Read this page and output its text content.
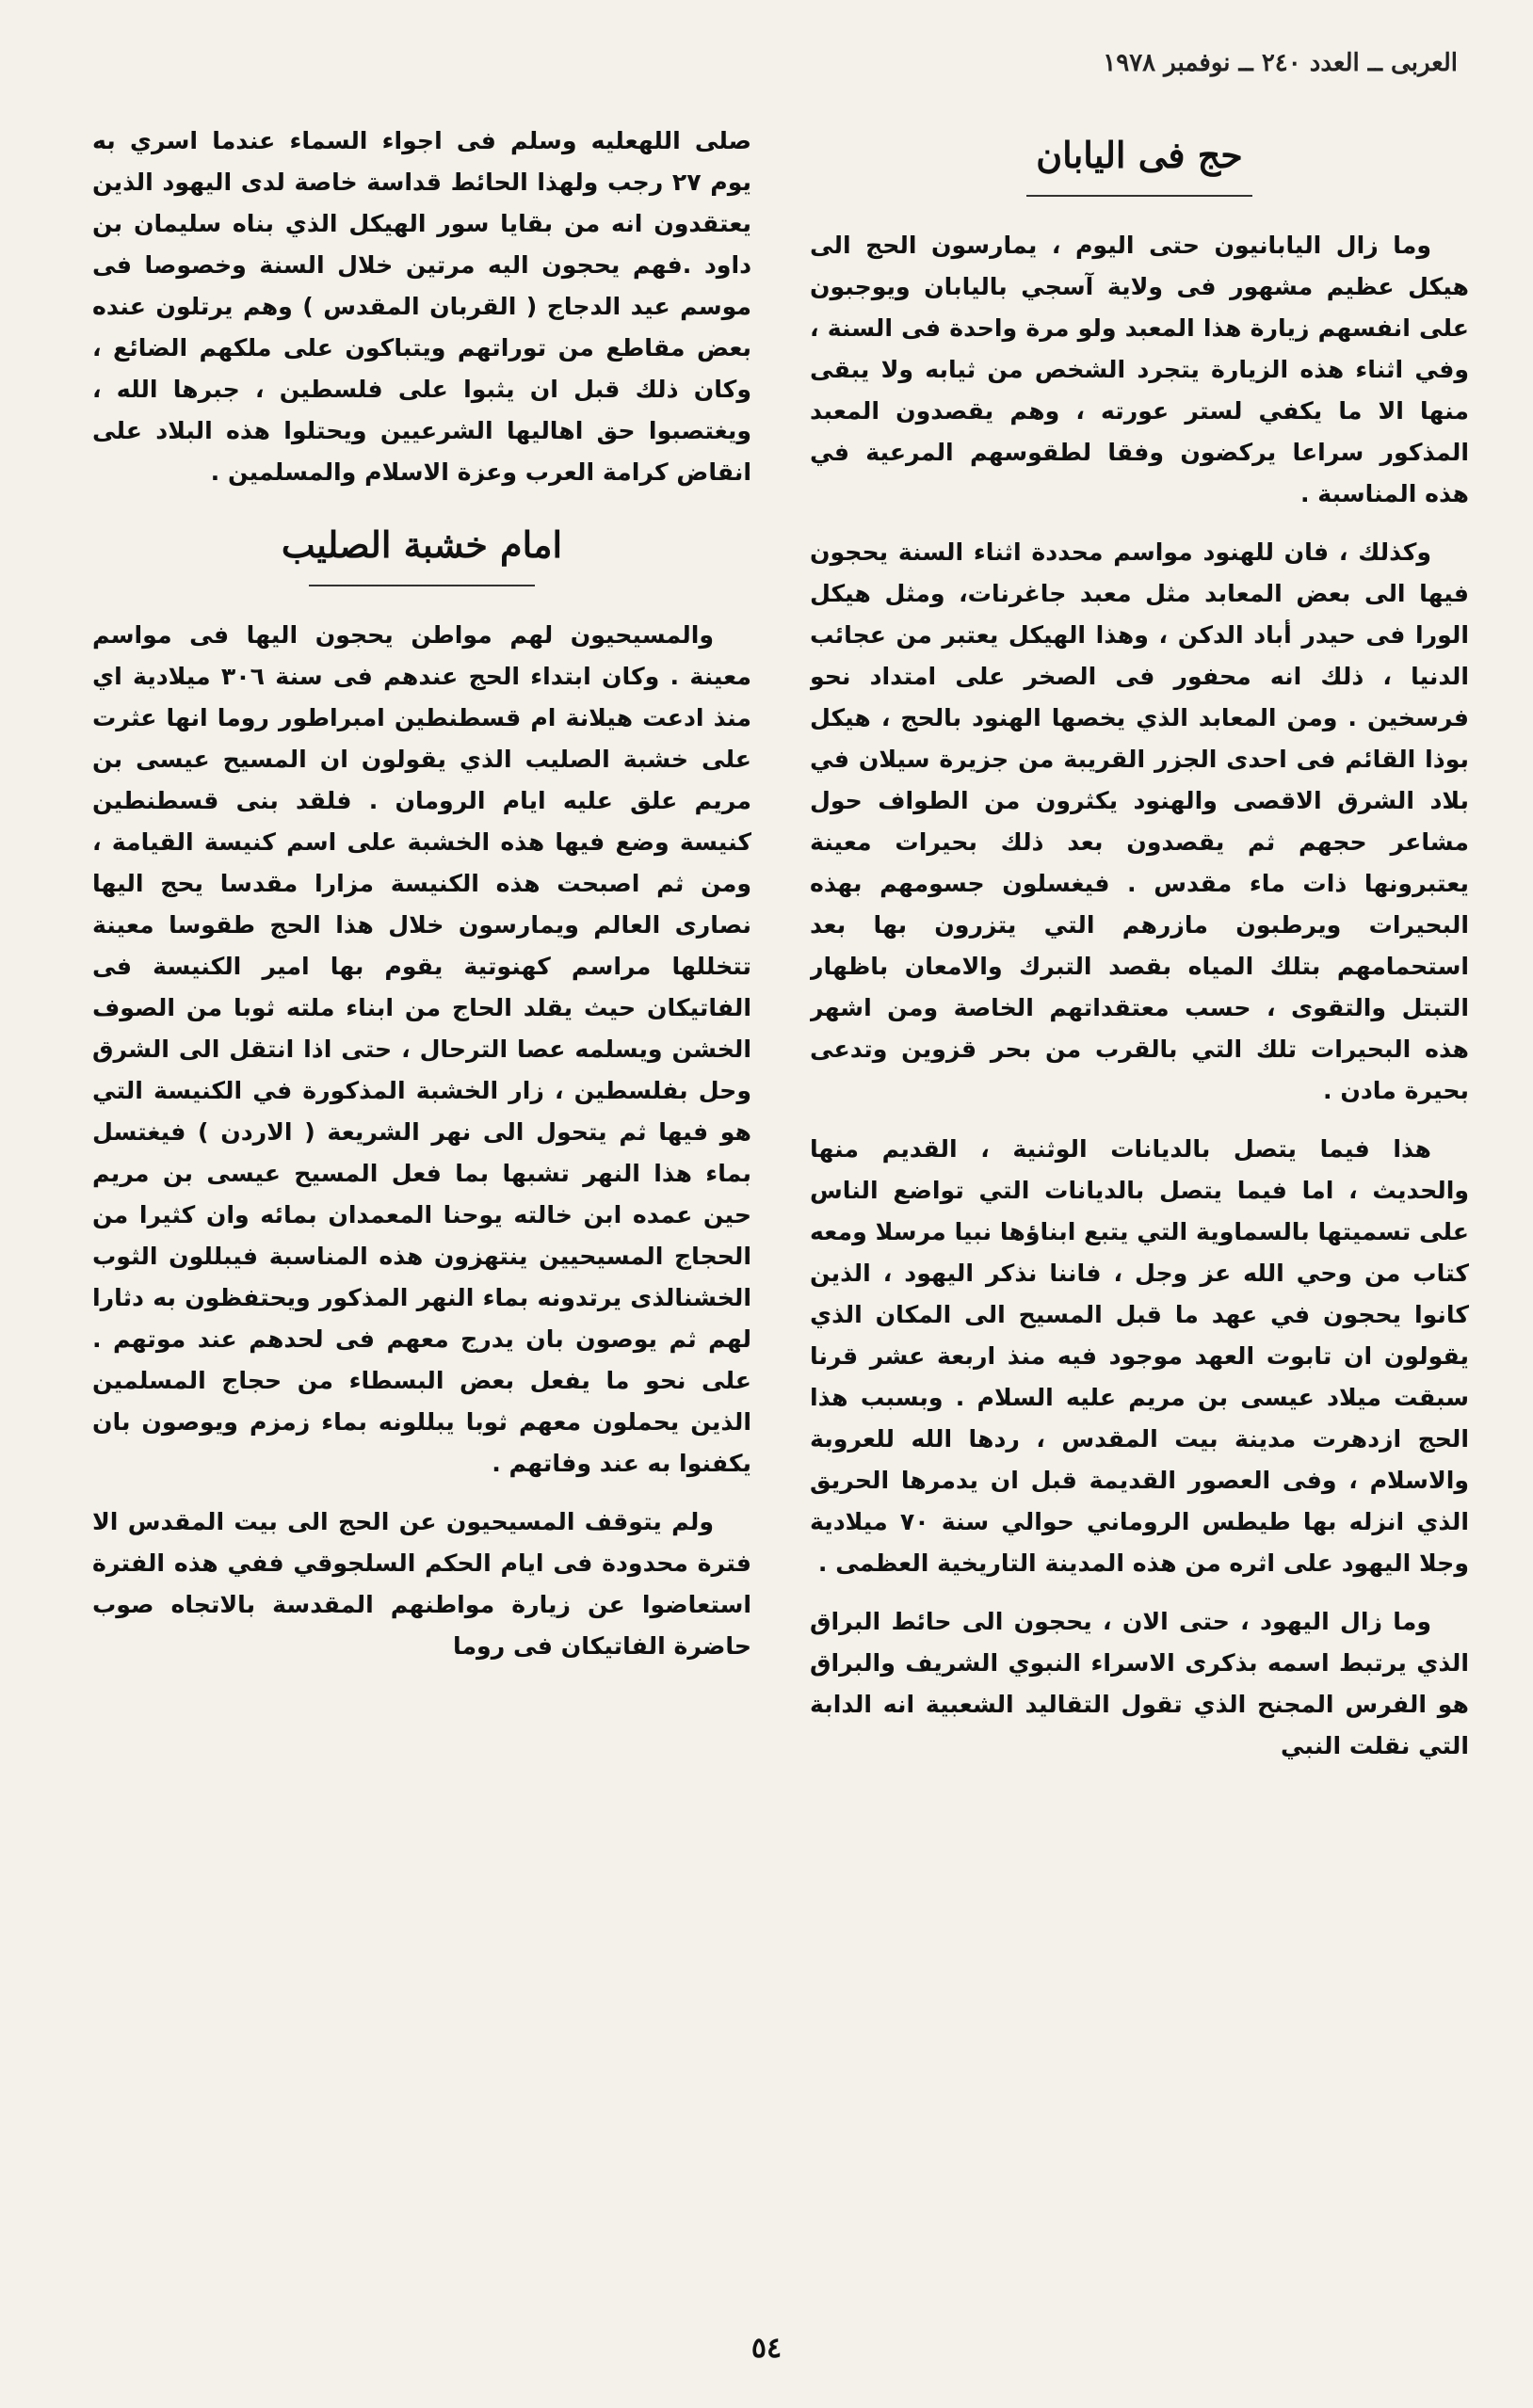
العربى ــ العدد ٢٤٠ ــ نوفمبر ١٩٧٨
حج فى اليابان

وما زال اليابانيون حتى اليوم ، يمارسون الحج الى هيكل عظيم مشهور فى ولاية آسجي باليابان ويوجبون على انفسهم زيارة هذا المعبد ولو مرة واحدة فى السنة ، وفي اثناء هذه الزيارة يتجرد الشخص من ثيابه ولا يبقى منها الا ما يكفي لستر عورته ، وهم يقصدون المعبد المذكور سراعا يركضون وفقا لطقوسهم المرعية في هذه المناسبة .

وكذلك ، فان للهنود مواسم محددة اثناء السنة يحجون فيها الى بعض المعابد مثل معبد جاغرنات، ومثل هيكل الورا فى حيدر أباد الدكن ، وهذا الهيكل يعتبر من عجائب الدنيا ، ذلك انه محفور فى الصخر على امتداد نحو فرسخين . ومن المعابد الذي يخصها الهنود بالحج ، هيكل بوذا القائم فى احدى الجزر القريبة من جزيرة سيلان في بلاد الشرق الاقصى والهنود يكثرون من الطواف حول مشاعر حجهم ثم يقصدون بعد ذلك بحيرات معينة يعتبرونها ذات ماء مقدس . فيغسلون جسومهم بهذه البحيرات ويرطبون مازرهم التي يتزرون بها بعد استحمامهم بتلك المياه بقصد التبرك والامعان باظهار التبتل والتقوى ، حسب معتقداتهم الخاصة ومن اشهر هذه البحيرات تلك التي بالقرب من بحر قزوين وتدعى بحيرة مادن .

هذا فيما يتصل بالديانات الوثنية ، القديم منها والحديث ، اما فيما يتصل بالديانات التي تواضع الناس على تسميتها بالسماوية التي يتبع ابناؤها نبيا مرسلا ومعه كتاب من وحي الله عز وجل ، فاننا نذكر اليهود ، الذين كانوا يحجون في عهد ما قبل المسيح الى المكان الذي يقولون ان تابوت العهد موجود فيه منذ اربعة عشر قرنا سبقت ميلاد عيسى بن مريم عليه السلام . وبسبب هذا الحج ازدهرت مدينة بيت المقدس ، ردها الله للعروبة والاسلام ، وفى العصور القديمة قبل ان يدمرها الحريق الذي انزله بها طيطس الروماني حوالي سنة ٧٠ ميلادية وجلا اليهود على اثره من هذه المدينة التاريخية العظمى .

وما زال اليهود ، حتى الان ، يحجون الى حائط البراق الذي يرتبط اسمه بذكرى الاسراء النبوي الشريف والبراق هو الفرس المجنح الذي تقول التقاليد الشعبية انه الدابة التي نقلت النبي

صلى اللهعليه وسلم فى اجواء السماء عندما اسري به يوم ٢٧ رجب ولهذا الحائط قداسة خاصة لدى اليهود الذين يعتقدون انه من بقايا سور الهيكل الذي بناه سليمان بن داود .فهم يحجون اليه مرتين خلال السنة وخصوصا فى موسم عيد الدجاج ( القربان المقدس ) وهم يرتلون عنده بعض مقاطع من توراتهم ويتباكون على ملكهم الضائع ، وكان ذلك قبل ان يثبوا على فلسطين ، جبرها الله ، ويغتصبوا حق اهاليها الشرعيين ويحتلوا هذه البلاد على انقاض كرامة العرب وعزة الاسلام والمسلمين .

امام خشبة الصليب

والمسيحيون لهم مواطن يحجون اليها فى مواسم معينة . وكان ابتداء الحج عندهم فى سنة ٣٠٦ ميلادية اي منذ ادعت هيلانة ام قسطنطين امبراطور روما انها عثرت على خشبة الصليب الذي يقولون ان المسيح عيسى بن مريم علق عليه ايام الرومان . فلقد بنى قسطنطين كنيسة وضع فيها هذه الخشبة على اسم كنيسة القيامة ، ومن ثم اصبحت هذه الكنيسة مزارا مقدسا يحج اليها نصارى العالم ويمارسون خلال هذا الحج طقوسا معينة تتخللها مراسم كهنوتية يقوم بها امير الكنيسة فى الفاتيكان حيث يقلد الحاج من ابناء ملته ثوبا من الصوف الخشن ويسلمه عصا الترحال ، حتى اذا انتقل الى الشرق وحل بفلسطين ، زار الخشبة المذكورة في الكنيسة التي هو فيها ثم يتحول الى نهر الشريعة ( الاردن ) فيغتسل بماء هذا النهر تشبها بما فعل المسيح عيسى بن مريم حين عمده ابن خالته يوحنا المعمدان بمائه وان كثيرا من الحجاج المسيحيين ينتهزون هذه المناسبة فيبللون الثوب الخشنالذى يرتدونه بماء النهر المذكور ويحتفظون به دثارا لهم ثم يوصون بان يدرج معهم فى لحدهم عند موتهم . على نحو ما يفعل بعض البسطاء من حجاج المسلمين الذين يحملون معهم ثوبا يبللونه بماء زمزم ويوصون بان يكفنوا به عند وفاتهم .

ولم يتوقف المسيحيون عن الحج الى بيت المقدس الا فترة محدودة فى ايام الحكم السلجوقي ففي هذه الفترة استعاضوا عن زيارة مواطنهم المقدسة بالاتجاه صوب حاضرة الفاتيكان فى روما

٥٤
